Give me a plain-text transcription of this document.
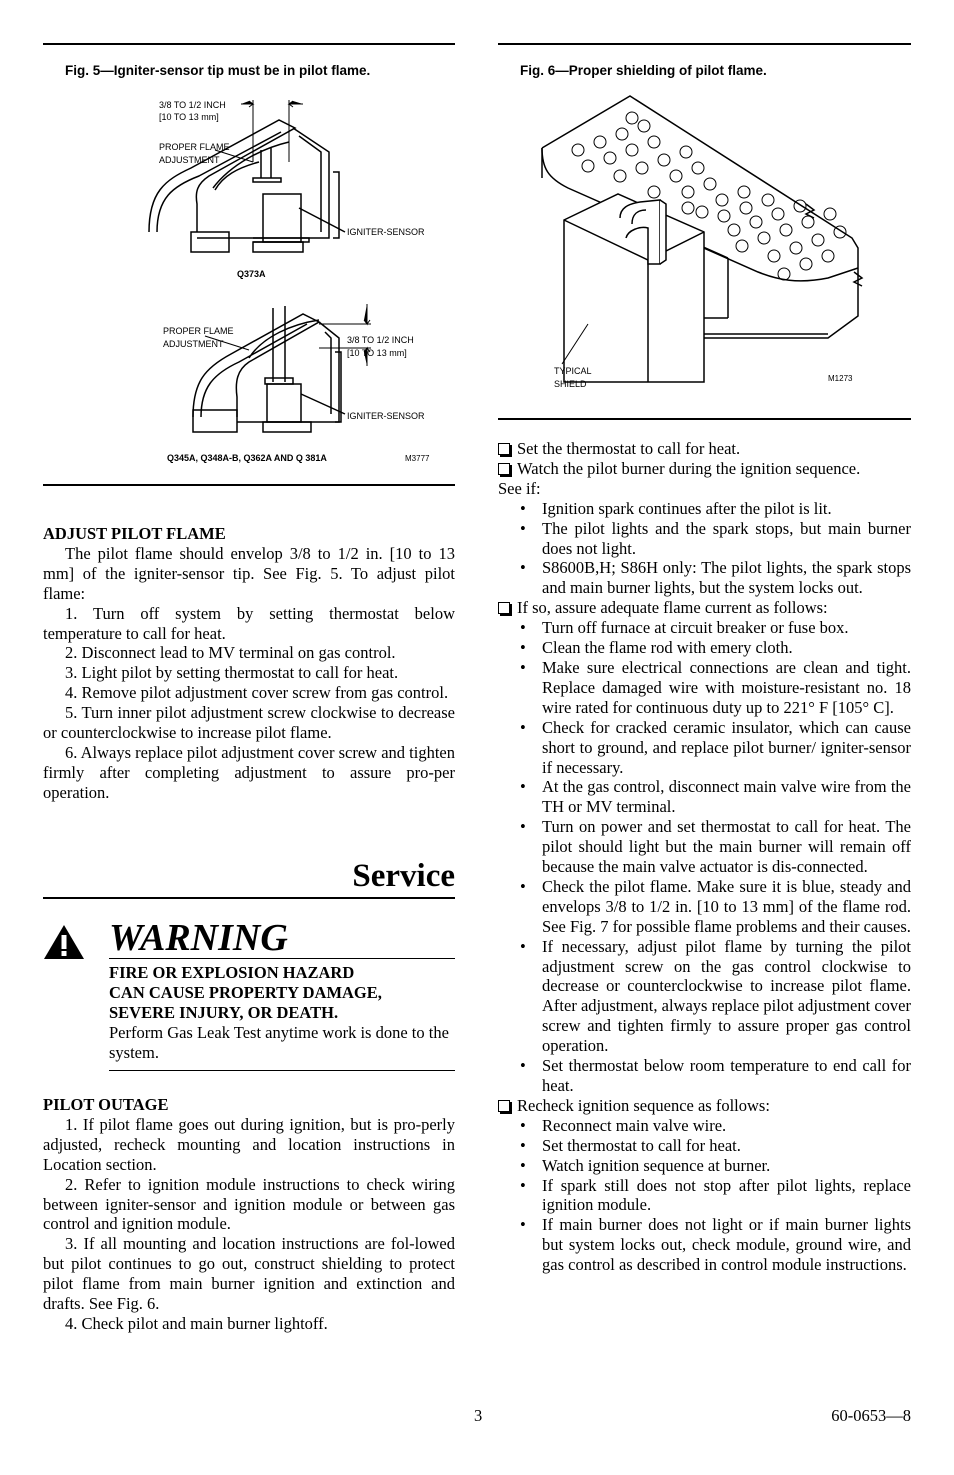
Fig. 5—Igniter-sensor tip must be in pilot flame.
3/8 TO 1/2 INCH
[10 TO 13 mm]
PROPER FLAME
ADJUSTMENT
IGNITER-SENSOR
Q373A
PROPER FLAME
ADJUSTMENT	3/8 TO 1/2 INCH
[10 TO 13 mm]
IGNITER-SENSOR
Q345A, Q348A-B, Q362A AND Q 381A	M3777

ADJUST PILOT FLAME

The pilot flame should envelop 3/8 to 1/2 in. [10 to 13 mm] of the igniter-sensor tip. See Fig. 5. To adjust pilot flame:

1. Turn off system by setting thermostat below temperature to call for heat.

2. Disconnect lead to MV terminal on gas control.

3. Light pilot by setting thermostat to call for heat.

4. Remove pilot adjustment cover screw from gas control.

5. Turn inner pilot adjustment screw clockwise to decrease or counterclockwise to increase pilot flame.

6. Always replace pilot adjustment cover screw and tighten firmly after completing adjustment to assure pro-per operation.

Service
WARNING
FIRE OR EXPLOSION HAZARD
CAN CAUSE PROPERTY DAMAGE,
SEVERE INJURY, OR DEATH.
Perform Gas Leak Test anytime work is done to the system.

PILOT OUTAGE

1. If pilot flame goes out during ignition, but is pro-perly adjusted, recheck mounting and location instructions in Location section.

2. Refer to ignition module instructions to check wiring between igniter-sensor and ignition module or between gas control and ignition module.

3. If all mounting and location instructions are fol-lowed but pilot continues to go out, construct shielding to protect pilot flame from main burner ignition and extinction and drafts. See Fig. 6.

4. Check pilot and main burner lightoff.

Fig. 6—Proper shielding of pilot flame.
TYPICAL
SHIELD
M1273

Set the thermostat to call for heat.

Watch the pilot burner during the ignition sequence.

See if:

• Ignition spark continues after the pilot is lit.
• The pilot lights and the spark stops, but main burner does not light.
• S8600B,H; S86H only: The pilot lights, the spark stops and main burner lights, but the system locks out.

If so, assure adequate flame current as follows:

• Turn off furnace at circuit breaker or fuse box.
• Clean the flame rod with emery cloth.
• Make sure electrical connections are clean and tight. Replace damaged wire with moisture-resistant no. 18 wire rated for continuous duty up to 221° F [105° C].
• Check for cracked ceramic insulator, which can cause short to ground, and replace pilot burner/ igniter-sensor if necessary.
• At the gas control, disconnect main valve wire from the TH or MV terminal.
• Turn on power and set thermostat to call for heat. The pilot should light but the main burner will remain off because the main valve actuator is dis-connected.
• Check the pilot flame. Make sure it is blue, steady and envelops 3/8 to 1/2 in. [10 to 13 mm] of the flame rod. See Fig. 7 for possible flame problems and their causes.
• If necessary, adjust pilot flame by turning the pilot adjustment screw on the gas control clockwise to decrease or counterclockwise to increase pilot flame. After adjustment, always replace pilot adjustment cover screw and tighten firmly to assure proper gas control operation.
• Set thermostat below room temperature to end call for heat.

Recheck ignition sequence as follows:

• Reconnect main valve wire.
• Set thermostat to call for heat.
• Watch ignition sequence at burner.
• If spark still does not stop after pilot lights, replace ignition module.
• If main burner does not light or if main burner lights but system locks out, check module, ground wire, and gas control as described in control module instructions.
3	60-0653—8
